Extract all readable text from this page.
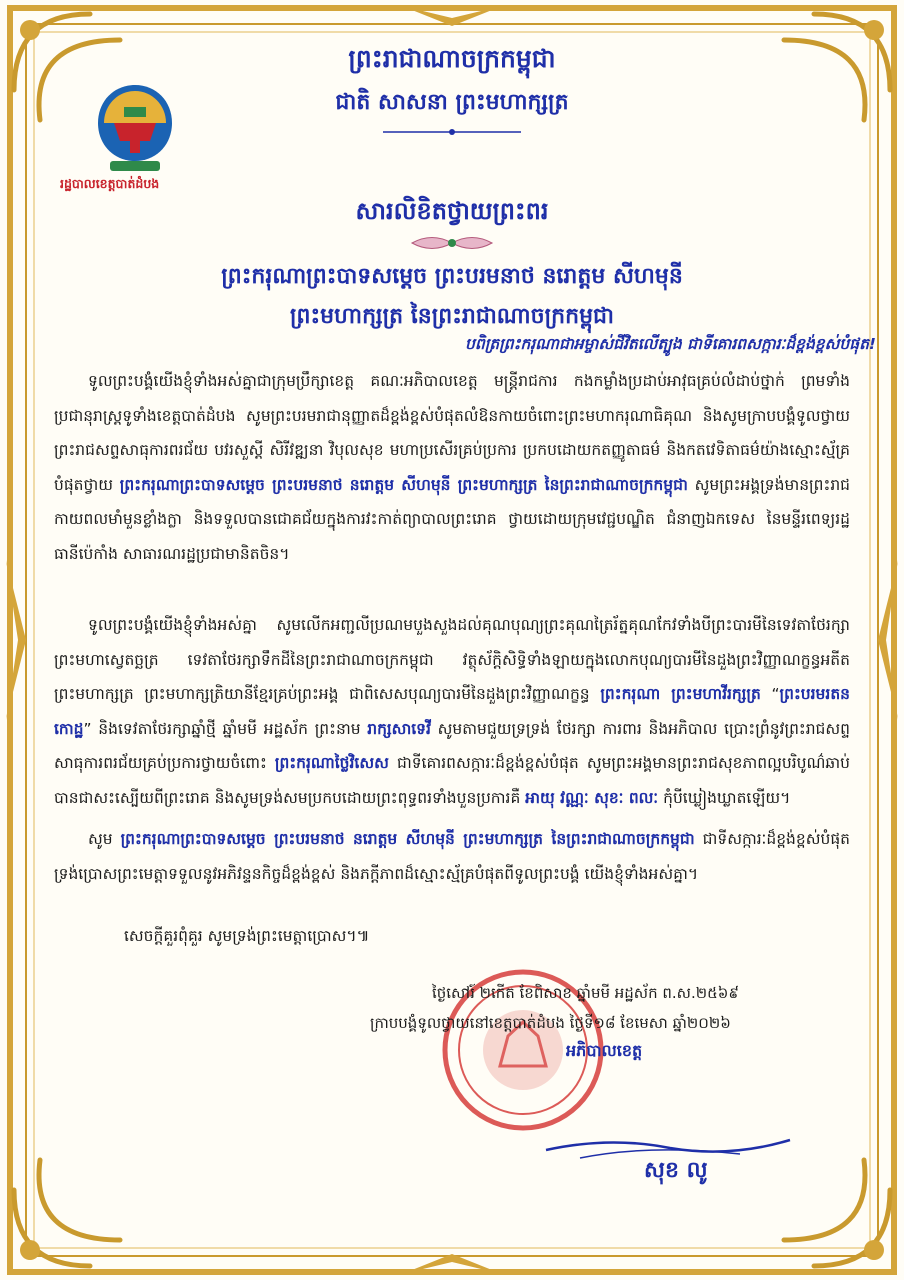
រដ្ឋបាលខេត្តបាត់ដំបង

ព្រះរាជាណាចក្រកម្ពុជា

ជាតិ សាសនា ព្រះមហាក្សត្រ

សារលិខិតថ្វាយព្រះពរ

ព្រះករុណាព្រះបាទសម្តេច ព្រះបរមនាថ នរោត្តម សីហមុនី

ព្រះមហាក្សត្រ នៃព្រះរាជាណាចក្រកម្ពុជា

បពិត្រព្រះករុណាជាអម្ចាស់ជីវិតលើត្បូង ជាទីគោរពសក្ការៈដ៏ខ្ពង់ខ្ពស់បំផុត!

ទូលព្រះបង្គំយើងខ្ញុំទាំងអស់គ្នាជាក្រុមប្រឹក្សាខេត្ត គណៈអភិបាលខេត្ត មន្ត្រីរាជការ កងកម្លាំងប្រដាប់អាវុធគ្រប់លំដាប់ថ្នាក់ ព្រមទាំងប្រជានុរាស្ត្រទូទាំងខេត្តបាត់ដំបង សូមព្រះបរមរាជានុញ្ញាតដ៏ខ្ពង់ខ្ពស់បំផុតលំឱនកាយចំពោះព្រះមហាករុណាធិគុណ និងសូមក្រាបបង្គំទូលថ្វាយព្រះរាជសព្ទសាធុការពរជ័យ បវរសួស្តី សិរីវឌ្ឍនា វិបុលសុខ មហាប្រសើរគ្រប់ប្រការ ប្រកបដោយកតញ្ញូតាធម៌ និងកតវេទិតាធម៌យ៉ាងស្មោះស្ម័គ្របំផុតថ្វាយ ព្រះករុណាព្រះបាទសម្តេច ព្រះបរមនាថ នរោត្តម សីហមុនី ព្រះមហាក្សត្រ នៃព្រះរាជាណាចក្រកម្ពុជា សូមព្រះអង្គទ្រង់មានព្រះរាជកាយពលមាំមួនខ្លាំងក្លា និងទទួលបានជោគជ័យក្នុងការវះកាត់ព្យាបាលព្រះរោគ ថ្វាយដោយក្រុមវេជ្ជបណ្ឌិត ជំនាញឯកទេស នៃមន្ទីរពេទ្យរដ្ឋធានីប៉េកាំង សាធារណរដ្ឋប្រជាមានិតចិន។

ទូលព្រះបង្គំយើងខ្ញុំទាំងអស់គ្នា សូមលើកអញ្ជលីប្រណមបួងសួងដល់គុណបុណ្យព្រះគុណត្រៃរ័ត្នគុណកែវទាំងបីព្រះបារមីនៃទេវតាថែរក្សាព្រះមហាស្វេតច្ឆត្រ ទេវតាថែរក្សាទឹកដីនៃព្រះរាជាណាចក្រកម្ពុជា វត្ថុស័ក្តិសិទ្ធិទាំងឡាយក្នុងលោកបុណ្យបារមីនៃដួងព្រះវិញ្ញាណក្ខន្ធអតីតព្រះមហាក្សត្រ ព្រះមហាក្សត្រិយានីខ្មែរគ្រប់ព្រះអង្គ ជាពិសេសបុណ្យបារមីនៃដួងព្រះវិញ្ញាណក្ខន្ធ ព្រះករុណា ព្រះមហាវីរក្សត្រ “ព្រះបរមរតនកោដ្ឋ” និងទេវតាថែរក្សាឆ្នាំថ្មី ឆ្នាំមមី អដ្ឋស័ក ព្រះនាម រាក្សសាទេវី សូមតាមជួយទ្រទ្រង់ ថែរក្សា ការពារ និងអភិបាល ប្រោះព្រំនូវព្រះរាជសព្ទសាធុការពរជ័យគ្រប់ប្រការថ្វាយចំពោះ ព្រះករុណាថ្លៃវិសេស ជាទីគោរពសក្ការៈដ៏ខ្ពង់ខ្ពស់បំផុត សូមព្រះអង្គមានព្រះរាជសុខភាពល្អបរិបូណ៌ឆាប់បានជាសះស្បើយពីព្រះរោគ និងសូមទ្រង់សមប្រកបដោយព្រះពុទ្ធពរទាំងបួនប្រការគឺ អាយុ វណ្ណៈ សុខៈ ពលៈ កុំបីឃ្លៀងឃ្លាតឡើយ។

សូម ព្រះករុណាព្រះបាទសម្តេច ព្រះបរមនាថ នរោត្តម សីហមុនី ព្រះមហាក្សត្រ នៃព្រះរាជាណាចក្រកម្ពុជា ជាទីសក្ការៈដ៏ខ្ពង់ខ្ពស់បំផុត ទ្រង់ប្រោសព្រះមេត្តាទទួលនូវអភិវន្ទនកិច្ចដ៏ខ្ពង់ខ្ពស់ និងភក្តីភាពដ៏ស្មោះស្ម័គ្របំផុតពីទូលព្រះបង្គំ យើងខ្ញុំទាំងអស់គ្នា។

សេចក្តីគួរពុំគួរ សូមទ្រង់ព្រះមេត្តាប្រោស។៕

ថ្ងៃសៅរ៍ ២កើត ខែពិសាខ ឆ្នាំមមី អដ្ឋស័ក ព.ស.២៥៦៩

ក្រាបបង្គំទូលថ្វាយនៅខេត្តបាត់ដំបង ថ្ងៃទី១៨ ខែមេសា ឆ្នាំ២០២៦

អភិបាលខេត្ត

សុខ លូ
